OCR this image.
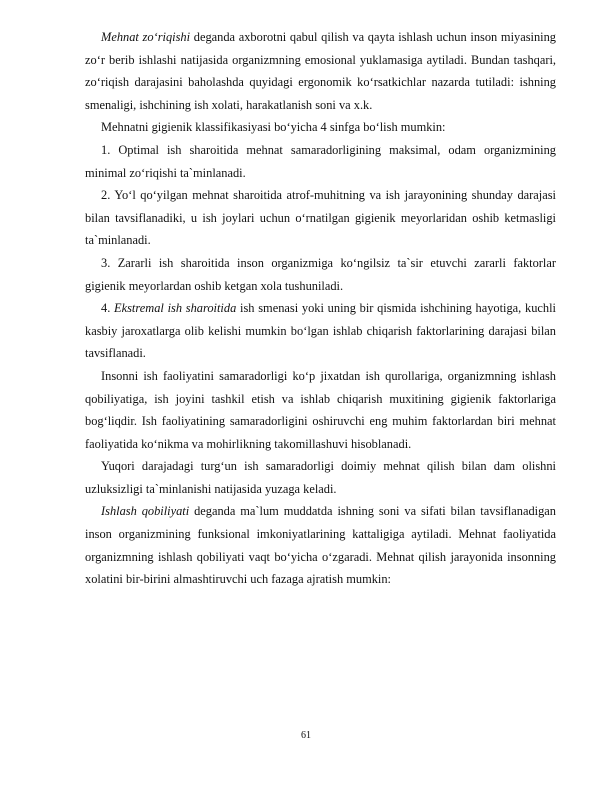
Mehnat zo‘riqishi deganda axborotni qabul qilish va qayta ishlash uchun inson miyasining zo‘r berib ishlashi natijasida organizmning emosional yuklamasiga aytiladi. Bundan tashqari, zo‘riqish darajasini baholashda quyidagi ergonomik ko‘rsatkichlar nazarda tutiladi: ishning smenaligi, ishchining ish xolati, harakatlanish soni va x.k.

Mehnatni gigienik klassifikasiyasi bo‘yicha 4 sinfga bo‘lish mumkin:

1. Optimal ish sharoitida mehnat samaradorligining maksimal, odam organizmining minimal zo‘riqishi ta`minlanadi.

2. Yo‘l qo‘yilgan mehnat sharoitida atrof-muhitning va ish jarayonining shunday darajasi bilan tavsiflanadiki, u ish joylari uchun o‘rnatilgan gigienik meyorlaridan oshib ketmasligi ta`minlanadi.

3. Zararli ish sharoitida inson organizmiga ko‘ngilsiz ta`sir etuvchi zararli faktorlar gigienik meyorlardan oshib ketgan xola tushuniladi.

4. Ekstremal ish sharoitida ish smenasi yoki uning bir qismida ishchining hayotiga, kuchli kasbiy jaroxatlarga olib kelishi mumkin bo‘lgan ishlab chiqarish faktorlarining darajasi bilan tavsiflanadi.

Insonni ish faoliyatini samaradorligi ko‘p jixatdan ish qurollariga, organizmning ishlash qobiliyatiga, ish joyini tashkil etish va ishlab chiqarish muxitining gigienik faktorlariga bog‘liqdir. Ish faoliyatining samaradorligini oshiruvchi eng muhim faktorlardan biri mehnat faoliyatida ko‘nikma va mohirlikning takomillashuvi hisoblanadi.

Yuqori darajadagi turg‘un ish samaradorligi doimiy mehnat qilish bilan dam olishni uzluksizligi ta`minlanishi natijasida yuzaga keladi.

Ishlash qobiliyati deganda ma`lum muddatda ishning soni va sifati bilan tavsiflanadigan inson organizmining funksional imkoniyatlarining kattaligiga aytiladi. Mehnat faoliyatida organizmning ishlash qobiliyati vaqt bo‘yicha o‘zgaradi. Mehnat qilish jarayonida insonning xolatini bir-birini almashtiruvchi uch fazaga ajratish mumkin:

61
